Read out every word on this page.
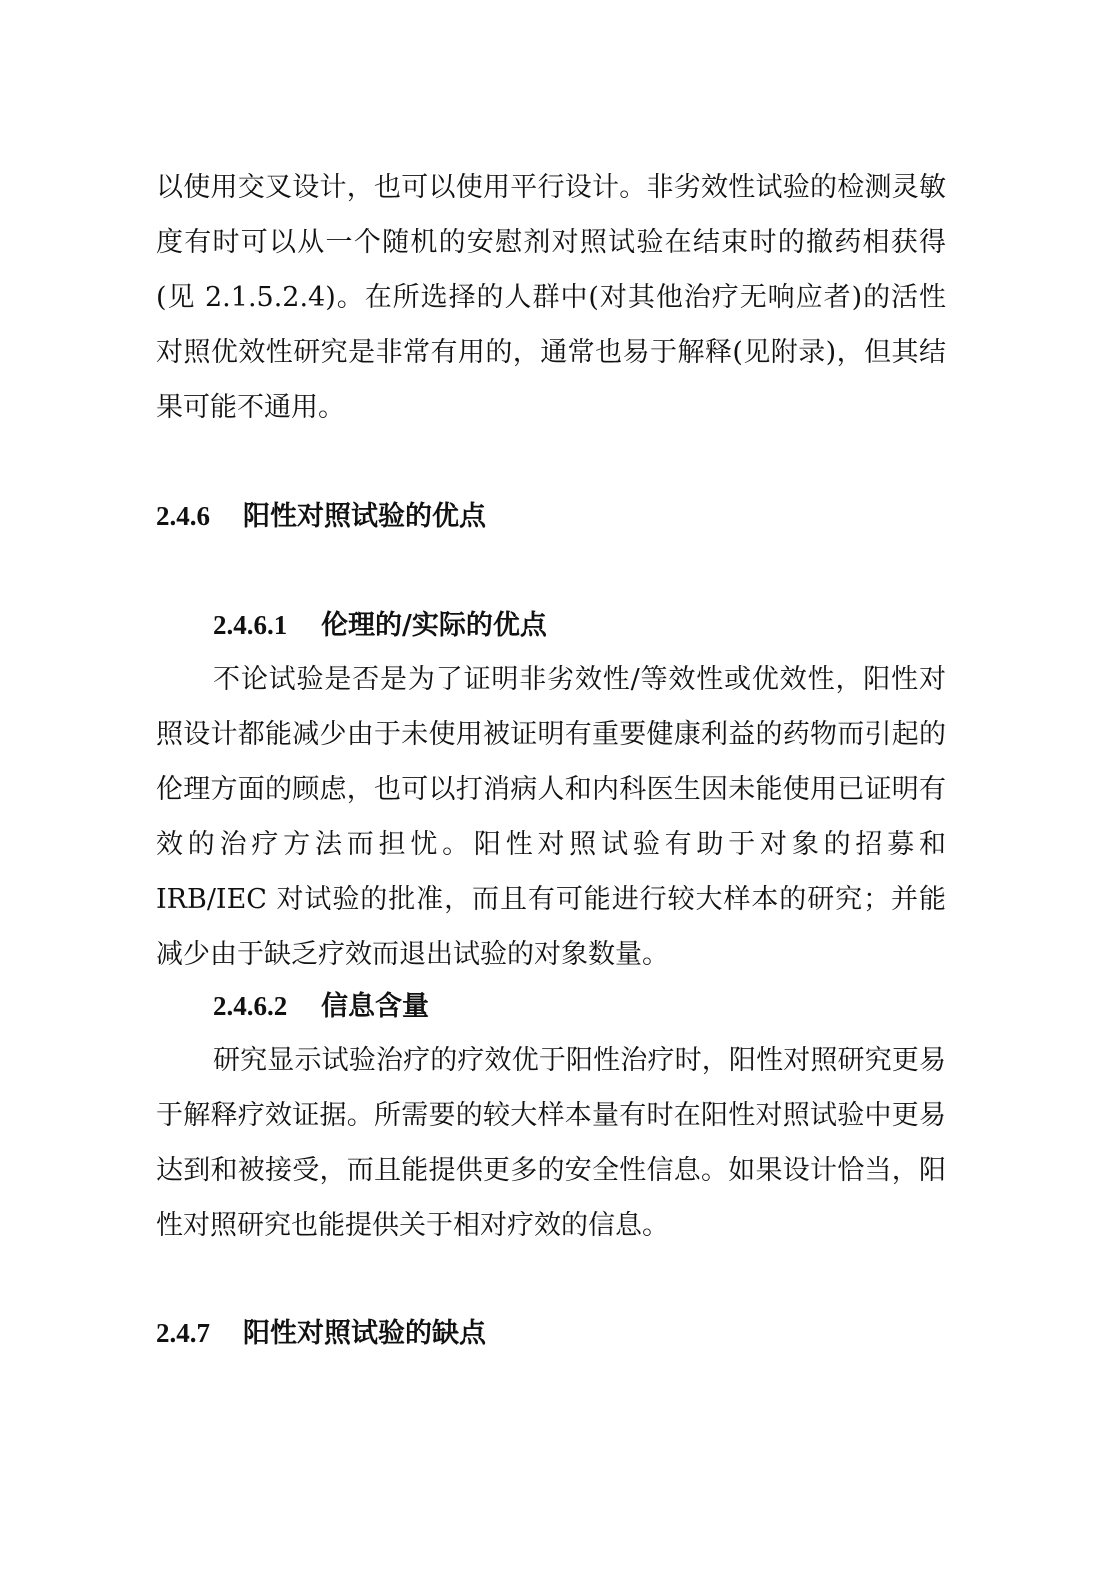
以使用交叉设计，也可以使用平行设计。非劣效性试验的检测灵敏度有时可以从一个随机的安慰剂对照试验在结束时的撤药相获得(见 2.1.5.2.4)。在所选择的人群中(对其他治疗无响应者)的活性对照优效性研究是非常有用的，通常也易于解释(见附录)，但其结果可能不通用。

2.4.6 阳性对照试验的优点
2.4.6.1 伦理的/实际的优点

不论试验是否是为了证明非劣效性/等效性或优效性，阳性对照设计都能减少由于未使用被证明有重要健康利益的药物而引起的伦理方面的顾虑，也可以打消病人和内科医生因未能使用已证明有效的治疗方法而担忧。阳性对照试验有助于对象的招募和 IRB/IEC 对试验的批准，而且有可能进行较大样本的研究；并能减少由于缺乏疗效而退出试验的对象数量。

2.4.6.2 信息含量

研究显示试验治疗的疗效优于阳性治疗时，阳性对照研究更易于解释疗效证据。所需要的较大样本量有时在阳性对照试验中更易达到和被接受，而且能提供更多的安全性信息。如果设计恰当，阳性对照研究也能提供关于相对疗效的信息。

2.4.7 阳性对照试验的缺点
